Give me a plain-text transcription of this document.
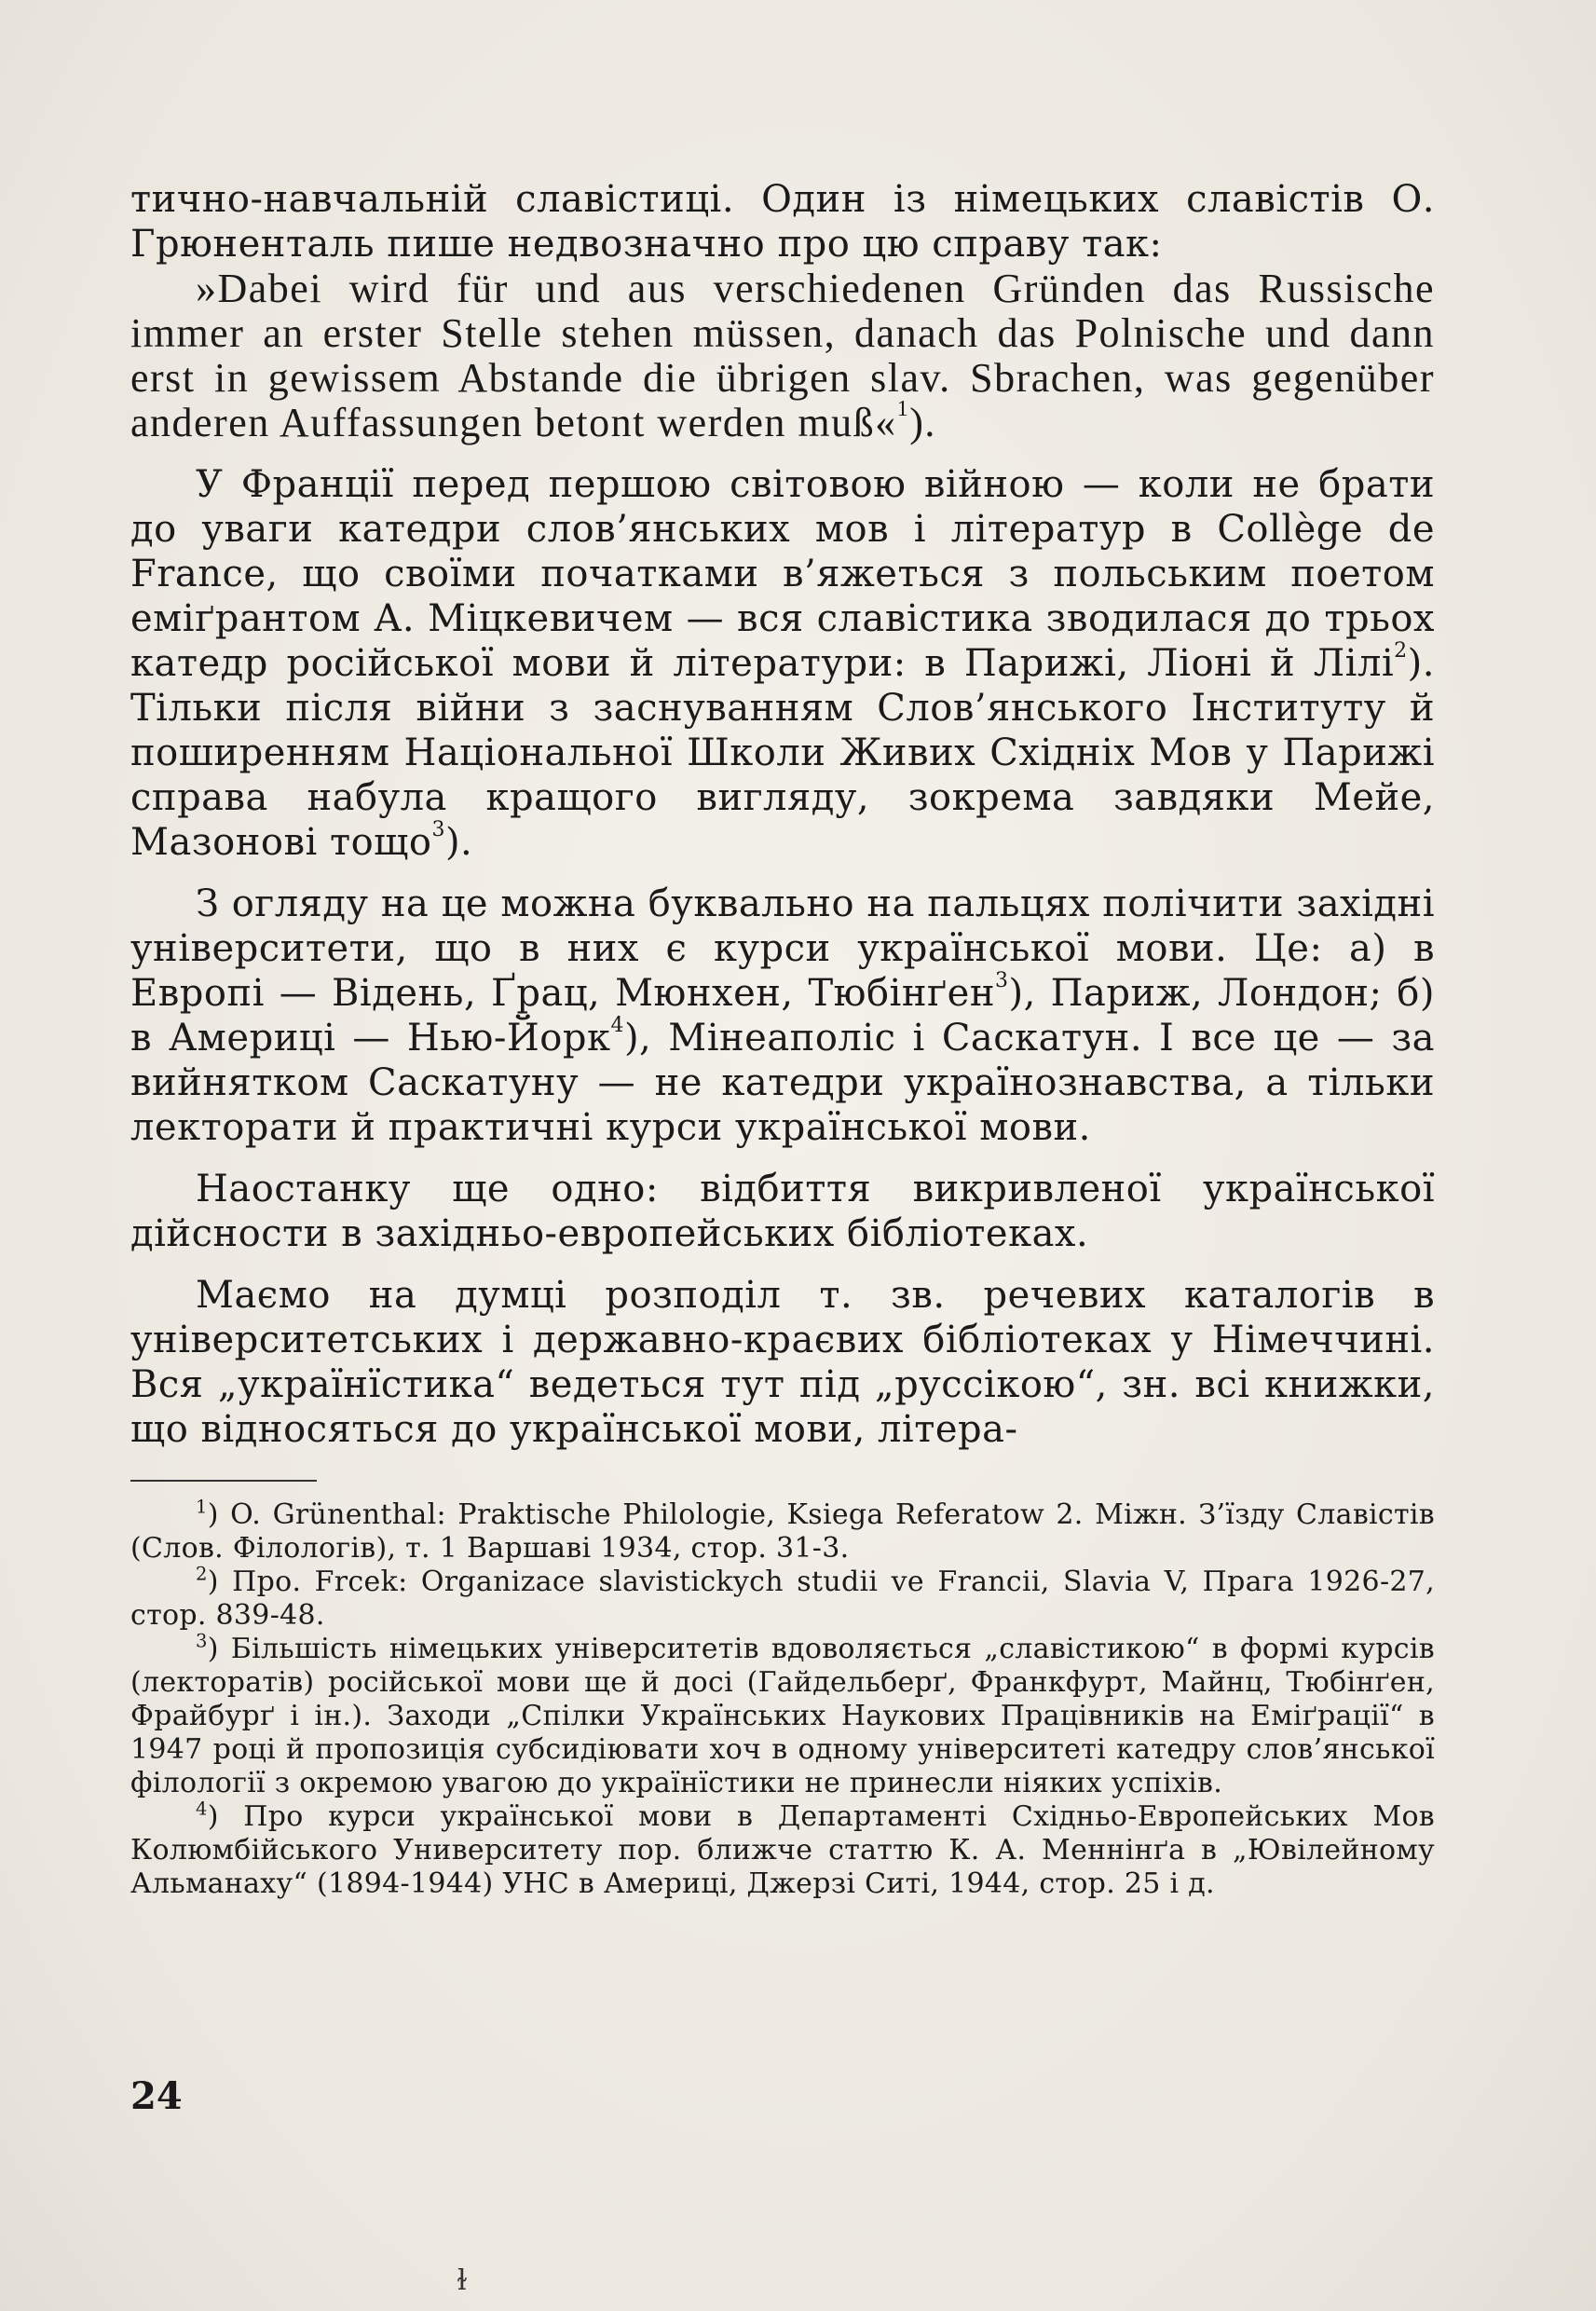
тично-навчальній славістиці. Один із німецьких славістів О. Грюненталь пише недвозначно про цю справу так:

»Dabei wird für und aus verschiedenen Gründen das Russische immer an erster Stelle stehen müssen, danach das Polnische und dann erst in gewissem Abstande die übrigen slav. Sbrachen, was gegenüber anderen Auffassungen betont werden muß«$^1$).

У Франції перед першою світовою війною — коли не брати до уваги катедри слов’янських мов і літератур в Collège de France, що своїми початками в’яжеться з польським поетом еміґрантом А. Міцкевичем — вся славістика зводилася до трьох катедр російської мови й літератури: в Парижі, Ліоні й Лілі$^2$). Тільки після війни з заснуванням Слов’янського Інституту й поширенням Національної Школи Живих Східніх Мов у Парижі справа набула кращого вигляду, зокрема завдяки Мейе, Мазонові тощо$^3$).

З огляду на це можна буквально на пальцях полічити західні університети, що в них є курси української мови. Це: а) в Европі — Відень, Ґрац, Мюнхен, Тюбінґен$^3$), Париж, Лондон; б) в Америці — Нью-Йорк$^4$), Мінеаполіс і Саскатун. І все це — за вийнятком Саскатуну — не катедри українознавства, а тільки лекторати й практичні курси української мови.

Наостанку ще одно: відбиття викривленої української дійсности в західньо-европейських бібліотеках.

Маємо на думці розподіл т. зв. речевих каталогів в університетських і державно-краєвих бібліотеках у Німеччині. Вся „українїстика“ ведеться тут під „руссікою“, зн. всі книжки, що відносяться до української мови, літера-

$^1$) O. Grünenthal: Praktische Philologie, Ksiega Referatow 2. Міжн. З’їзду Славістів (Слов. Філологів), т. 1 Варшаві 1934, стор. 31-3.

$^2$) Про. Frcek: Organizace slavistickych studii ve Francii, Slavia V, Прага 1926-27, стор. 839-48.

$^3$) Більшість німецьких університетів вдоволяється „славістикою“ в формі курсів (лекторатів) російської мови ще й досі (Гайдельберґ, Франкфурт, Майнц, Тюбінґен, Фрайбурґ і ін.). Заходи „Спілки Українських Наукових Працівників на Еміґрації“ в 1947 році й пропозиція субсидіювати хоч в одному університеті катедру слов’янської філології з окремою увагою до українїстики не принесли ніяких успіхів.

$^4$) Про курси української мови в Департаменті Східньо-Европейських Мов Колюмбійського Университету пор. ближче статтю К. А. Меннінґа в „Ювілейному Альманаху“ (1894-1944) УНС в Америці, Джерзі Ситі, 1944, стор. 25 і д.

24
ɫ
